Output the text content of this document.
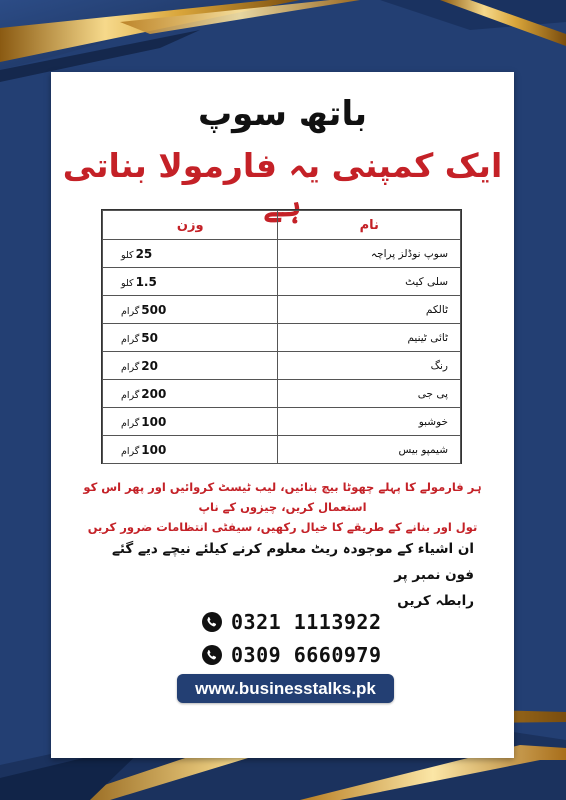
باتھ سوپ
ایک کمپنی یہ فارمولا بناتی ہے
نام	وزن
سوپ نوڈلز پراچہ	25کلو
سلی کیٹ	1.5کلو
ٹالکم	500گرام
ٹائی ٹینیم	50گرام
رنگ	20گرام
پی جی	200گرام
خوشبو	100گرام
شیمپو بیس	100گرام
ہر فارمولے کا پہلے چھوٹا بیچ بنائیں، لیب ٹیسٹ کروائیں اور پھر اس کو استعمال کریں، چیزوں کے ناپ
تول اور بنانے کے طریقے کا خیال رکھیں، سیفٹی انتظامات ضرور کریں
ان اشیاء کے موجودہ ریٹ معلوم کرنے کیلئے نیچے دیے گئے فون نمبر پر
رابطہ کریں
0321 1113922
0309 6660979
www.businesstalks.pk
